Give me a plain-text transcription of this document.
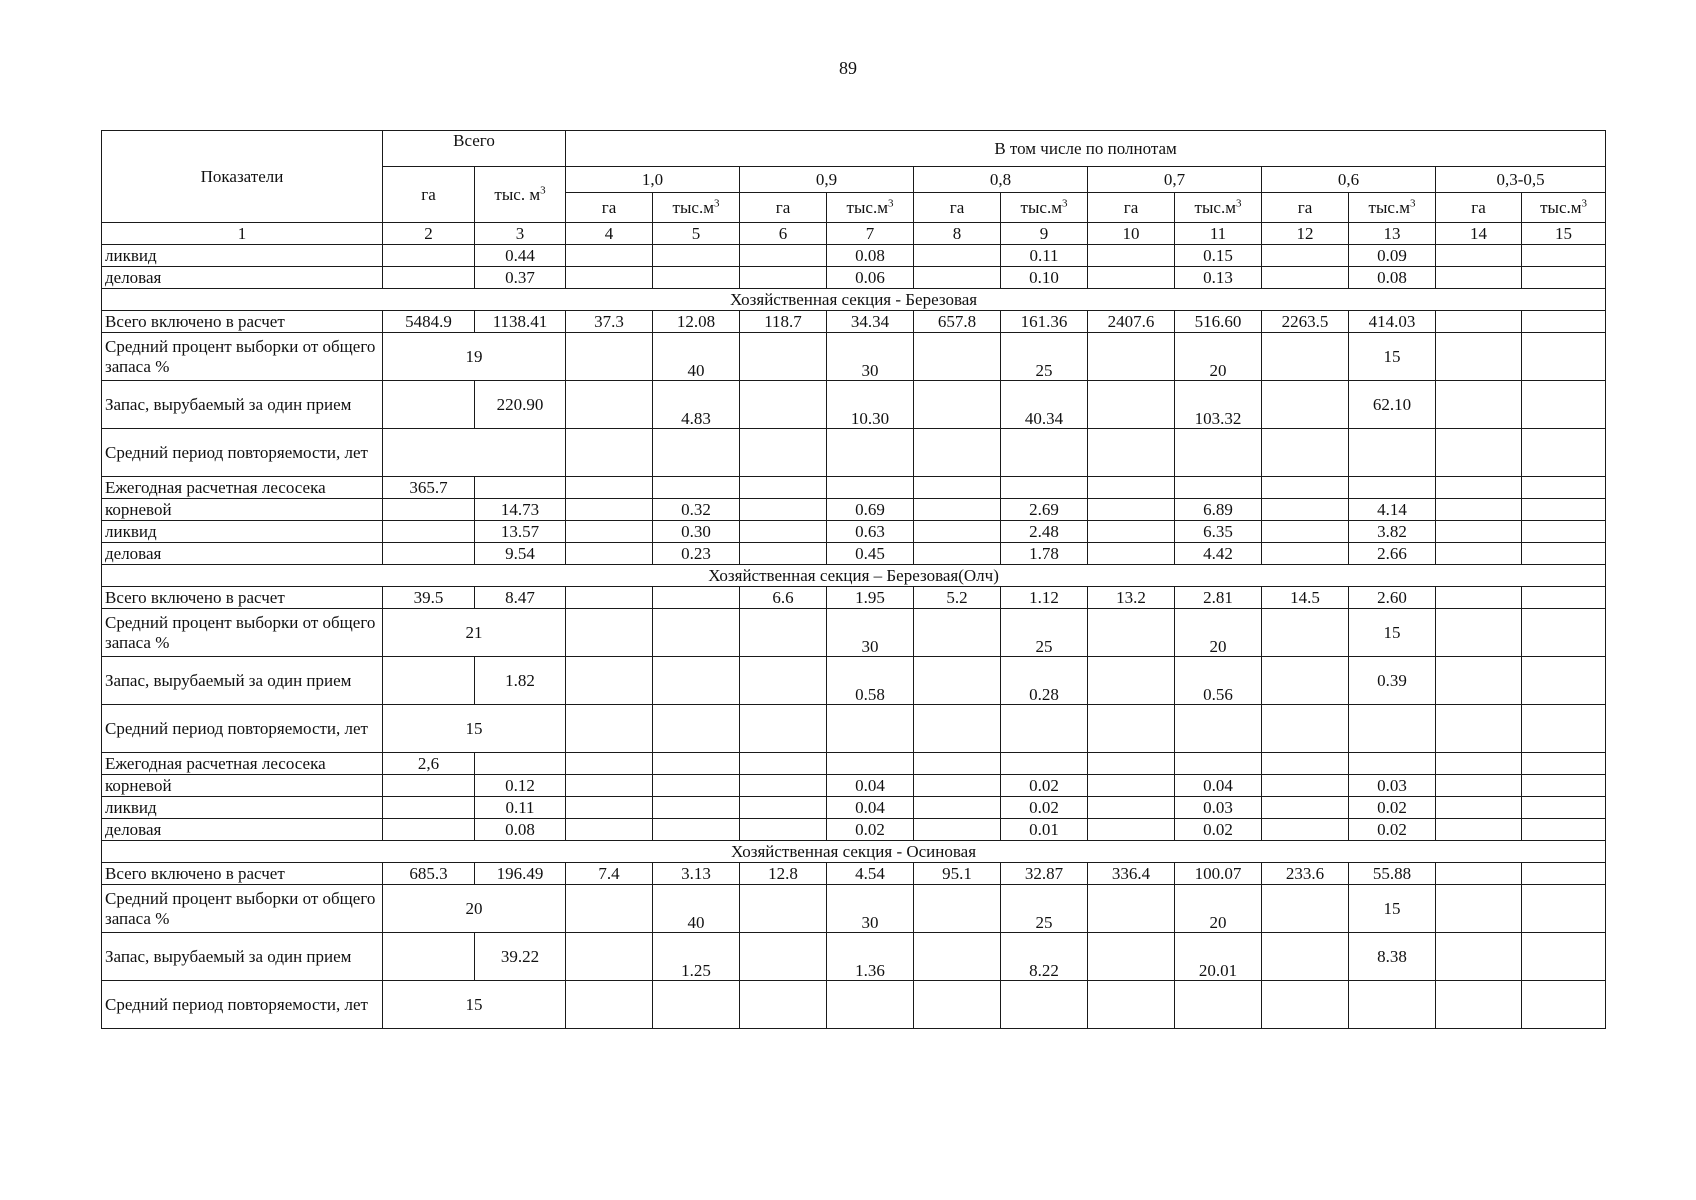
89
Показатели	Всего		В том числе по полнотам											
	га	тыс. $м^3$	1,0		0,9		0,8		0,7		0,6		0,3-0,5	
			га	$тыс.м^3$	га	$тыс.м^3$	га	$тыс.м^3$	га	$тыс.м^3$	га	$тыс.м^3$	га	$тыс.м^3$
1	2	3	4	5	6	7	8	9	10	11	12	13	14	15
ликвид		0.44				0.08		0.11		0.15		0.09		
деловая		0.37				0.06		0.10		0.13		0.08		
Хозяйственная секция - Березовая														
Всего включено в расчет	5484.9	1138.41	37.3	12.08	118.7	34.34	657.8	161.36	2407.6	516.60	2263.5	414.03		
Средний процент выборки от общего запаса %	19			40		30		25		20		15		
Запас, вырубаемый за один прием		220.90		4.83		10.30		40.34		103.32		62.10		
Средний период повторяемости, лет														
Ежегодная расчетная лесосека	365.7													
корневой		14.73		0.32		0.69		2.69		6.89		4.14		
ликвид		13.57		0.30		0.63		2.48		6.35		3.82		
деловая		9.54		0.23		0.45		1.78		4.42		2.66		
Хозяйственная секция – Березовая(Олч)														
Всего включено в расчет	39.5	8.47			6.6	1.95	5.2	1.12	13.2	2.81	14.5	2.60		
Средний процент выборки от общего запаса %	21					30		25		20		15		
Запас, вырубаемый за один прием		1.82				0.58		0.28		0.56		0.39		
Средний период повторяемости, лет	15													
Ежегодная расчетная лесосека	2,6													
корневой		0.12				0.04		0.02		0.04		0.03		
ликвид		0.11				0.04		0.02		0.03		0.02		
деловая		0.08				0.02		0.01		0.02		0.02		
Хозяйственная секция - Осиновая														
Всего включено в расчет	685.3	196.49	7.4	3.13	12.8	4.54	95.1	32.87	336.4	100.07	233.6	55.88		
Средний процент выборки от общего запаса %	20			40		30		25		20		15		
Запас, вырубаемый за один прием		39.22		1.25		1.36		8.22		20.01		8.38		
Средний период повторяемости, лет	15													
